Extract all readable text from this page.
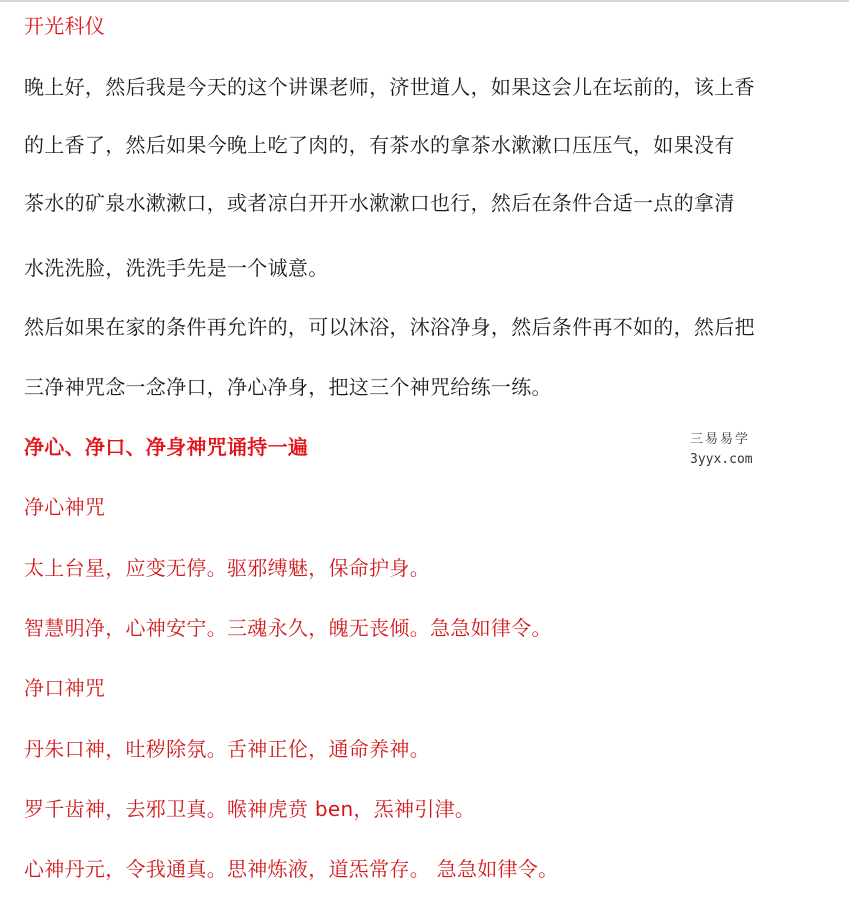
开光科仪
晚上好，然后我是今天的这个讲课老师，济世道人，如果这会儿在坛前的，该上香
的上香了，然后如果今晚上吃了肉的，有茶水的拿茶水漱漱口压压气，如果没有
茶水的矿泉水漱漱口，或者凉白开开水漱漱口也行，然后在条件合适一点的拿清
水洗洗脸，洗洗手先是一个诚意。
然后如果在家的条件再允许的，可以沐浴，沐浴净身，然后条件再不如的，然后把
三净神咒念一念净口，净心净身，把这三个神咒给练一练。
净心、净口、净身神咒诵持一遍
净心神咒
太上台星，应变无停。驱邪缚魅，保命护身。
智慧明净，心神安宁。三魂永久，魄无丧倾。急急如律令。
净口神咒
丹朱口神，吐秽除氛。舌神正伦，通命养神。
罗千齿神，去邪卫真。喉神虎贲 ben，炁神引津。
心神丹元，令我通真。思神炼液，道炁常存。 急急如律令。
三易易学
3yyx.com
